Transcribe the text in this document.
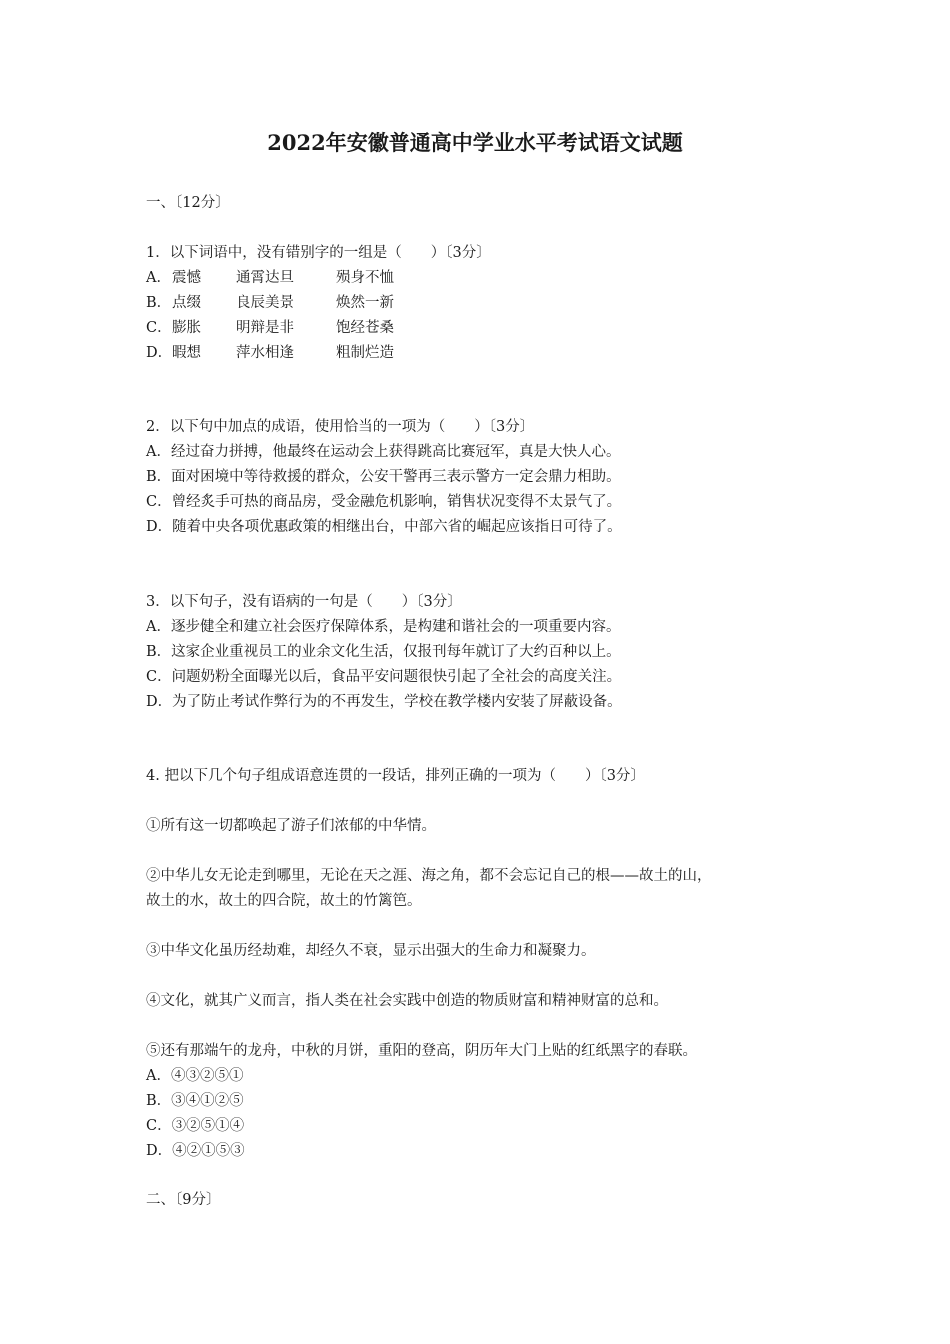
2022年安徽普通高中学业水平考试语文试题

一、〔12分〕

1．以下词语中，没有错别字的一组是（　　）〔3分〕

A． 震憾 通霄达旦	殒身不恤
B． 点缀 良辰美景	焕然一新
C． 膨胀 明辩是非	饱经苍桑
D． 暇想 萍水相逢	粗制烂造

2．以下句中加点的成语，使用恰当的一项为（　　）〔3分〕

A．经过奋力拼搏，他最终在运动会上获得跳高比赛冠军，真是大快人心。

B．面对困境中等待救援的群众，公安干警再三表示警方一定会鼎力相助。

C．曾经炙手可热的商品房，受金融危机影响，销售状况变得不太景气了。

D．随着中央各项优惠政策的相继出台，中部六省的崛起应该指日可待了。

3．以下句子，没有语病的一句是（　　）〔3分〕

A．逐步健全和建立社会医疗保障体系，是构建和谐社会的一项重要内容。

B．这家企业重视员工的业余文化生活，仅报刊每年就订了大约百种以上。

C．问题奶粉全面曝光以后，食品平安问题很快引起了全社会的高度关注。

D．为了防止考试作弊行为的不再发生，学校在教学楼内安装了屏蔽设备。

4. 把以下几个句子组成语意连贯的一段话，排列正确的一项为（　　）〔3分〕

①所有这一切都唤起了游子们浓郁的中华情。

②中华儿女无论走到哪里，无论在天之涯、海之角，都不会忘记自己的根——故土的山，

故土的水，故土的四合院，故土的竹篱笆。

③中华文化虽历经劫难，却经久不衰，显示出强大的生命力和凝聚力。

④文化，就其广义而言，指人类在社会实践中创造的物质财富和精神财富的总和。

⑤还有那端午的龙舟，中秋的月饼，重阳的登高，阴历年大门上贴的红纸黑字的春联。

A．④③②⑤①

B．③④①②⑤

C．③②⑤①④

D．④②①⑤③

二、〔9分〕
